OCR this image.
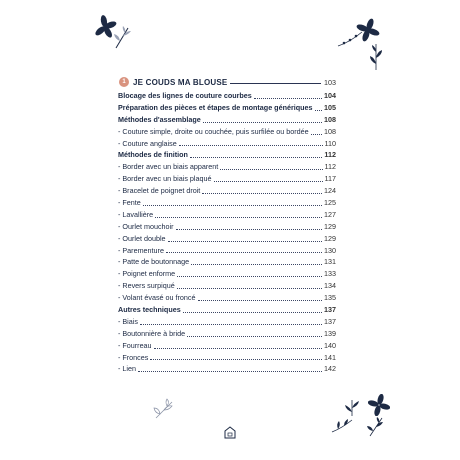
1 JE COUDS MA BLOUSE	103
Blocage des lignes de couture courbes	104
Préparation des pièces et étapes de montage génériques 105
Méthodes d'assemblage	108
- Couture simple, droite ou couchée, puis surfilée ou bordée 108
- Couture anglaise	110
Méthodes de finition	112
- Border avec un biais apparent	112
- Border avec un biais plaqué	117
- Bracelet de poignet droit	124
- Fente	125
- Lavallière	127
- Ourlet mouchoir	129
- Ourlet double	129
- Parementure	130
- Patte de boutonnage	131
- Poignet enforme	133
- Revers surpiqué	134
- Volant évasé ou froncé	135
Autres techniques	137
- Biais	137
- Boutonnière à bride	139
- Fourreau	140
- Fronces	141
- Lien	142
